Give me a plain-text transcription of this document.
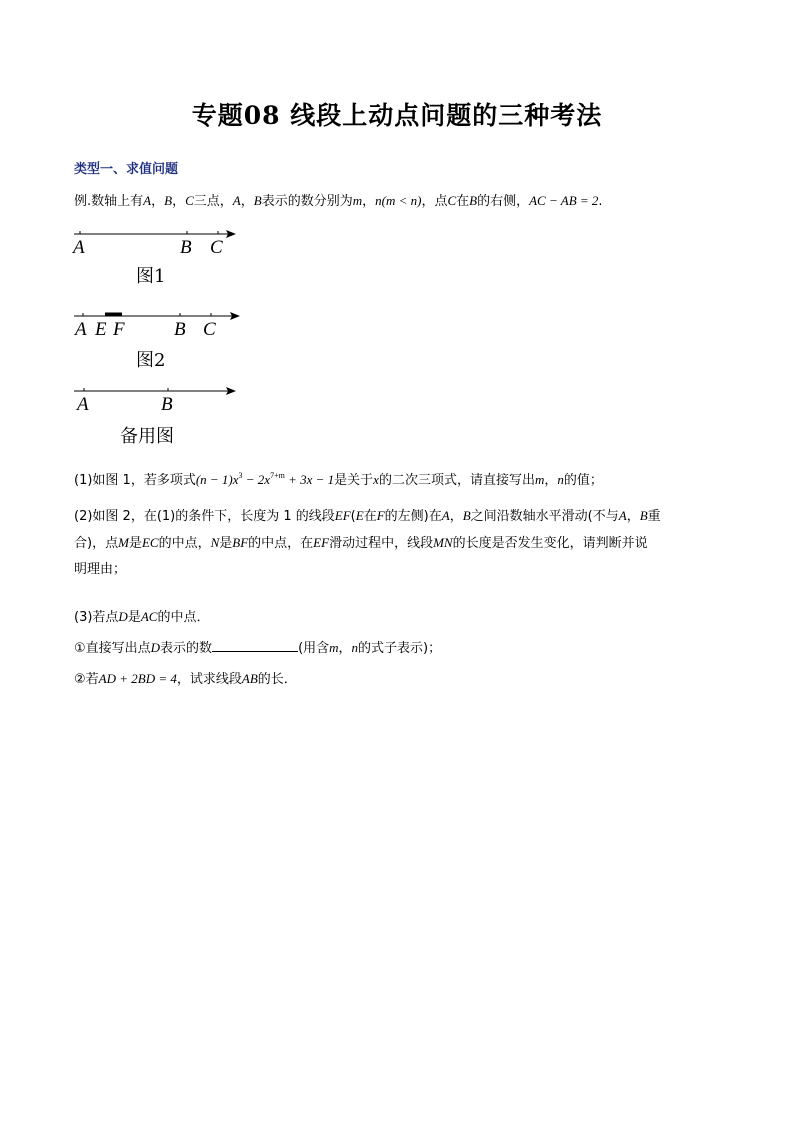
专题08 线段上动点问题的三种考法
类型一、求值问题
例.数轴上有A，B，C三点，A，B表示的数分别为m，n(m < n)，点C在B的右侧，AC − AB = 2.
A	B C
图1
A E F	B C
图2
A	B
备用图
(1)如图 1，若多项式$(n - 1)x^3 - 2x^{7+m} + 3x - 1$是关于x的二次三项式，请直接写出m，n的值；
(2)如图 2，在(1)的条件下，长度为 1 的线段EF(E在F的左侧)在A，B之间沿数轴水平滑动(不与A，B重
合)，点M是EC的中点，N是BF的中点，在EF滑动过程中，线段MN的长度是否发生变化，请判断并说
明理由；
(3)若点D是AC的中点．
①直接写出点D表示的数	(用含m，n的式子表示)；
②若AD + 2BD = 4，试求线段AB的长．
